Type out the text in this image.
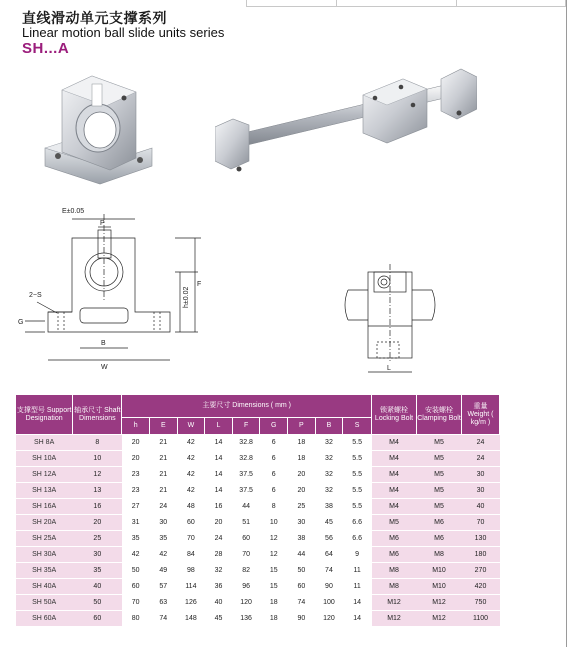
直线滑动单元支撑系列
Linear motion ball slide units series
SH...A
E±0.05
P
2−S
G
B
W
h±0.02
F
L
支撑型号 Support Designation	轴承尺寸 Shaft Dimensions	主要尺寸 Dimensions ( mm )									锁紧螺栓 Locking Bolt	安装螺栓 Clamping Bolt	重量 Weight ( kg/m )
		h	E	W	L	F	G	P	B	S			
SH 8A	8	20	21	42	14	32.8	6	18	32	5.5	M4	M5	24
SH 10A	10	20	21	42	14	32.8	6	18	32	5.5	M4	M5	24
SH 12A	12	23	21	42	14	37.5	6	20	32	5.5	M4	M5	30
SH 13A	13	23	21	42	14	37.5	6	20	32	5.5	M4	M5	30
SH 16A	16	27	24	48	16	44	8	25	38	5.5	M4	M5	40
SH 20A	20	31	30	60	20	51	10	30	45	6.6	M5	M6	70
SH 25A	25	35	35	70	24	60	12	38	56	6.6	M6	M6	130
SH 30A	30	42	42	84	28	70	12	44	64	9	M6	M8	180
SH 35A	35	50	49	98	32	82	15	50	74	11	M8	M10	270
SH 40A	40	60	57	114	36	96	15	60	90	11	M8	M10	420
SH 50A	50	70	63	126	40	120	18	74	100	14	M12	M12	750
SH 60A	60	80	74	148	45	136	18	90	120	14	M12	M12	1100
